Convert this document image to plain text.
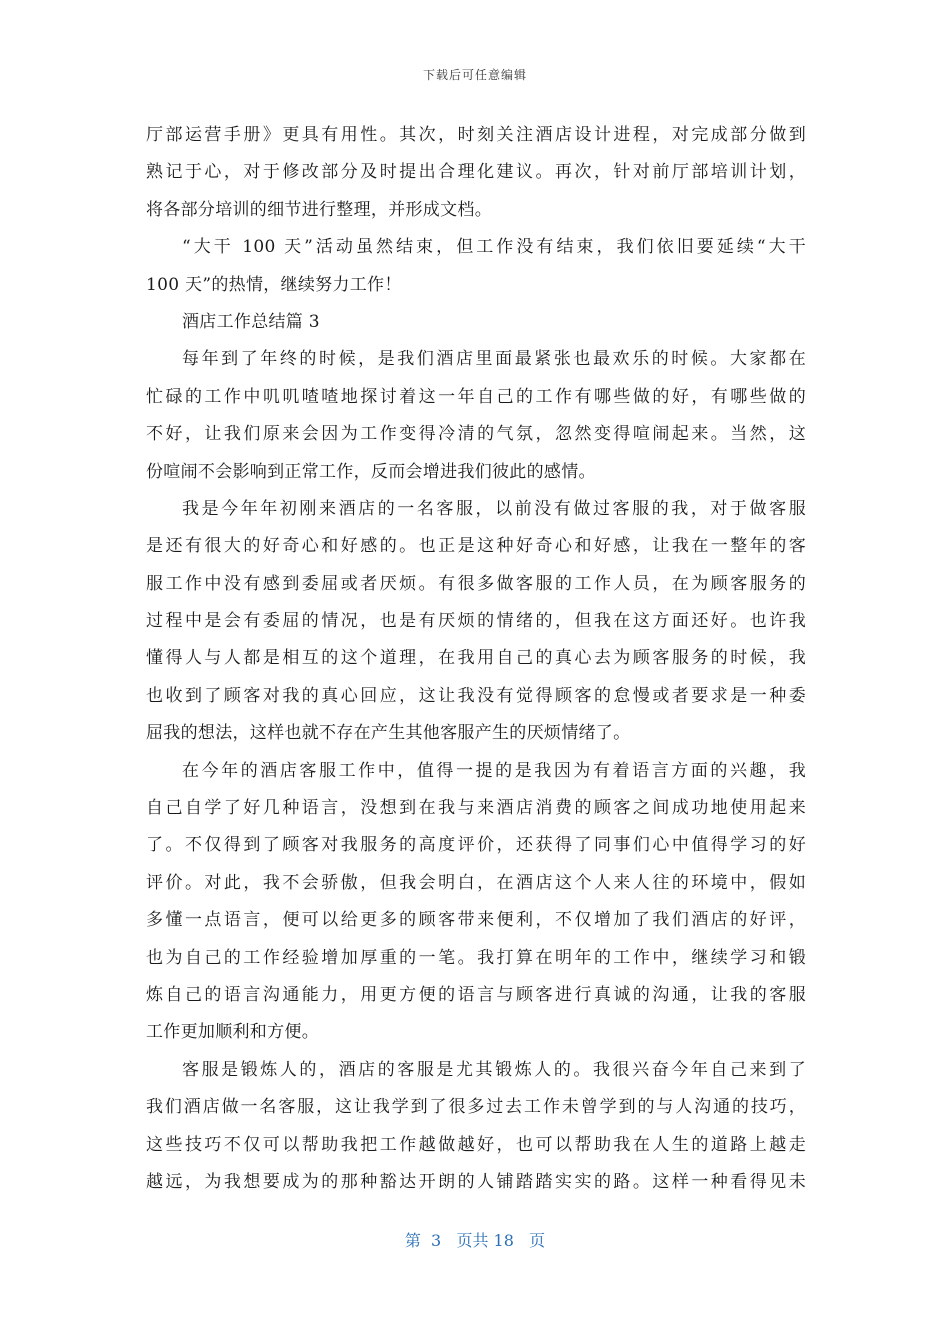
下载后可任意编辑
厅部运营手册》更具有用性。其次，时刻关注酒店设计进程，对完成部分做到
熟记于心，对于修改部分及时提出合理化建议。再次，针对前厅部培训计划，
将各部分培训的细节进行整理，并形成文档。
“大干 100 天”活动虽然结束，但工作没有结束，我们依旧要延续“大干
100 天”的热情，继续努力工作！
酒店工作总结篇 3
每年到了年终的时候，是我们酒店里面最紧张也最欢乐的时候。大家都在
忙碌的工作中叽叽喳喳地探讨着这一年自己的工作有哪些做的好，有哪些做的
不好，让我们原来会因为工作变得冷清的气氛，忽然变得喧闹起来。当然，这
份喧闹不会影响到正常工作，反而会增进我们彼此的感情。
我是今年年初刚来酒店的一名客服，以前没有做过客服的我，对于做客服
是还有很大的好奇心和好感的。也正是这种好奇心和好感，让我在一整年的客
服工作中没有感到委屈或者厌烦。有很多做客服的工作人员，在为顾客服务的
过程中是会有委屈的情况，也是有厌烦的情绪的，但我在这方面还好。也许我
懂得人与人都是相互的这个道理，在我用自己的真心去为顾客服务的时候，我
也收到了顾客对我的真心回应，这让我没有觉得顾客的怠慢或者要求是一种委
屈我的想法，这样也就不存在产生其他客服产生的厌烦情绪了。
在今年的酒店客服工作中，值得一提的是我因为有着语言方面的兴趣，我
自己自学了好几种语言，没想到在我与来酒店消费的顾客之间成功地使用起来
了。不仅得到了顾客对我服务的高度评价，还获得了同事们心中值得学习的好
评价。对此，我不会骄傲，但我会明白，在酒店这个人来人往的环境中，假如
多懂一点语言，便可以给更多的顾客带来便利，不仅增加了我们酒店的好评，
也为自己的工作经验增加厚重的一笔。我打算在明年的工作中，继续学习和锻
炼自己的语言沟通能力，用更方便的语言与顾客进行真诚的沟通，让我的客服
工作更加顺利和方便。
客服是锻炼人的，酒店的客服是尤其锻炼人的。我很兴奋今年自己来到了
我们酒店做一名客服，这让我学到了很多过去工作未曾学到的与人沟通的技巧，
这些技巧不仅可以帮助我把工作越做越好，也可以帮助我在人生的道路上越走
越远，为我想要成为的那种豁达开朗的人铺踏踏实实的路。这样一种看得见未
第  3   页共 18   页
